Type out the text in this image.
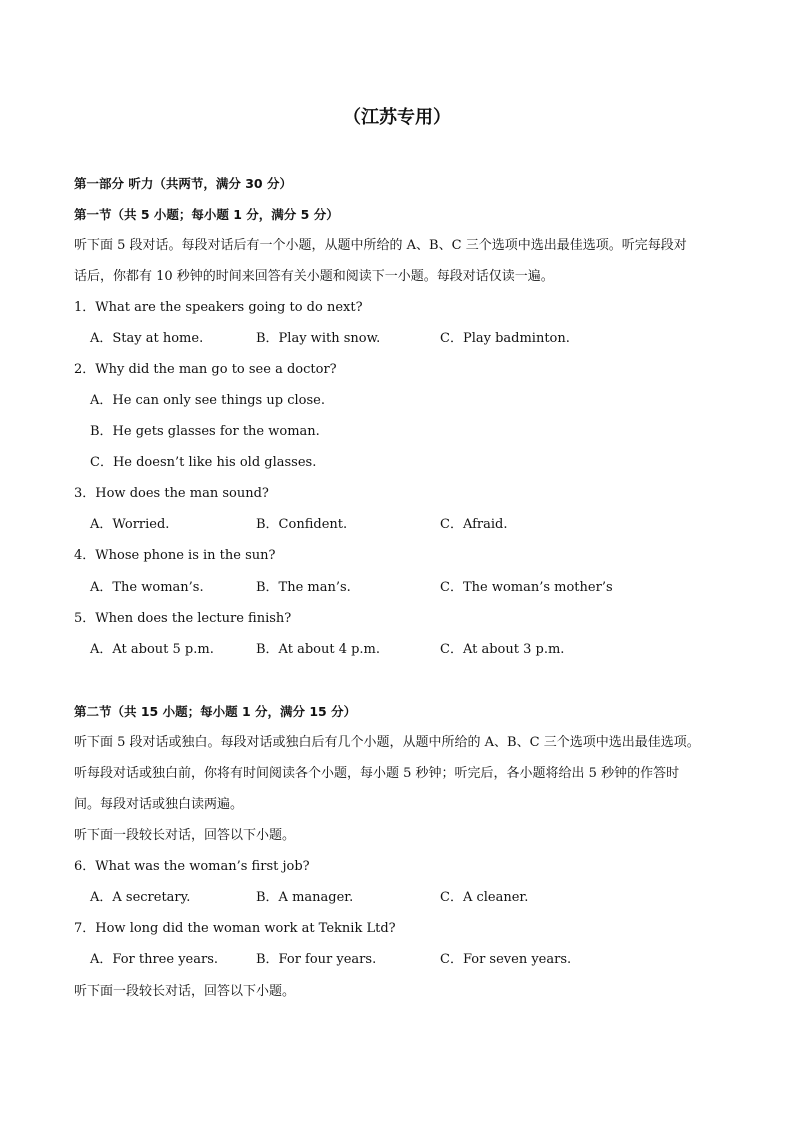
（江苏专用）
第一部分 听力（共两节，满分 30 分）
第一节（共 5 小题；每小题 1 分，满分 5 分）
听下面 5 段对话。每段对话后有一个小题，从题中所给的 A、B、C 三个选项中选出最佳选项。听完每段对
话后，你都有 10 秒钟的时间来回答有关小题和阅读下一小题。每段对话仅读一遍。
1．What are the speakers going to do next?
A．Stay at home.	B．Play with snow.	C．Play badminton.
2．Why did the man go to see a doctor?
A．He can only see things up close.
B．He gets glasses for the woman.
C．He doesn’t like his old glasses.
3．How does the man sound?
A．Worried.	B．Confident.	C．Afraid.
4．Whose phone is in the sun?
A．The woman’s.	B．The man’s.	C．The woman’s mother’s
5．When does the lecture finish?
A．At about 5 p.m.	B．At about 4 p.m.	C．At about 3 p.m.
第二节（共 15 小题；每小题 1 分，满分 15 分）
听下面 5 段对话或独白。每段对话或独白后有几个小题，从题中所给的 A、B、C 三个选项中选出最佳选项。
听每段对话或独白前，你将有时间阅读各个小题，每小题 5 秒钟；听完后，各小题将给出 5 秒钟的作答时
间。每段对话或独白读两遍。
听下面一段较长对话，回答以下小题。
6．What was the woman’s first job?
A．A secretary.	B．A manager.	C．A cleaner.
7．How long did the woman work at Teknik Ltd?
A．For three years.	B．For four years.	C．For seven years.
听下面一段较长对话，回答以下小题。
